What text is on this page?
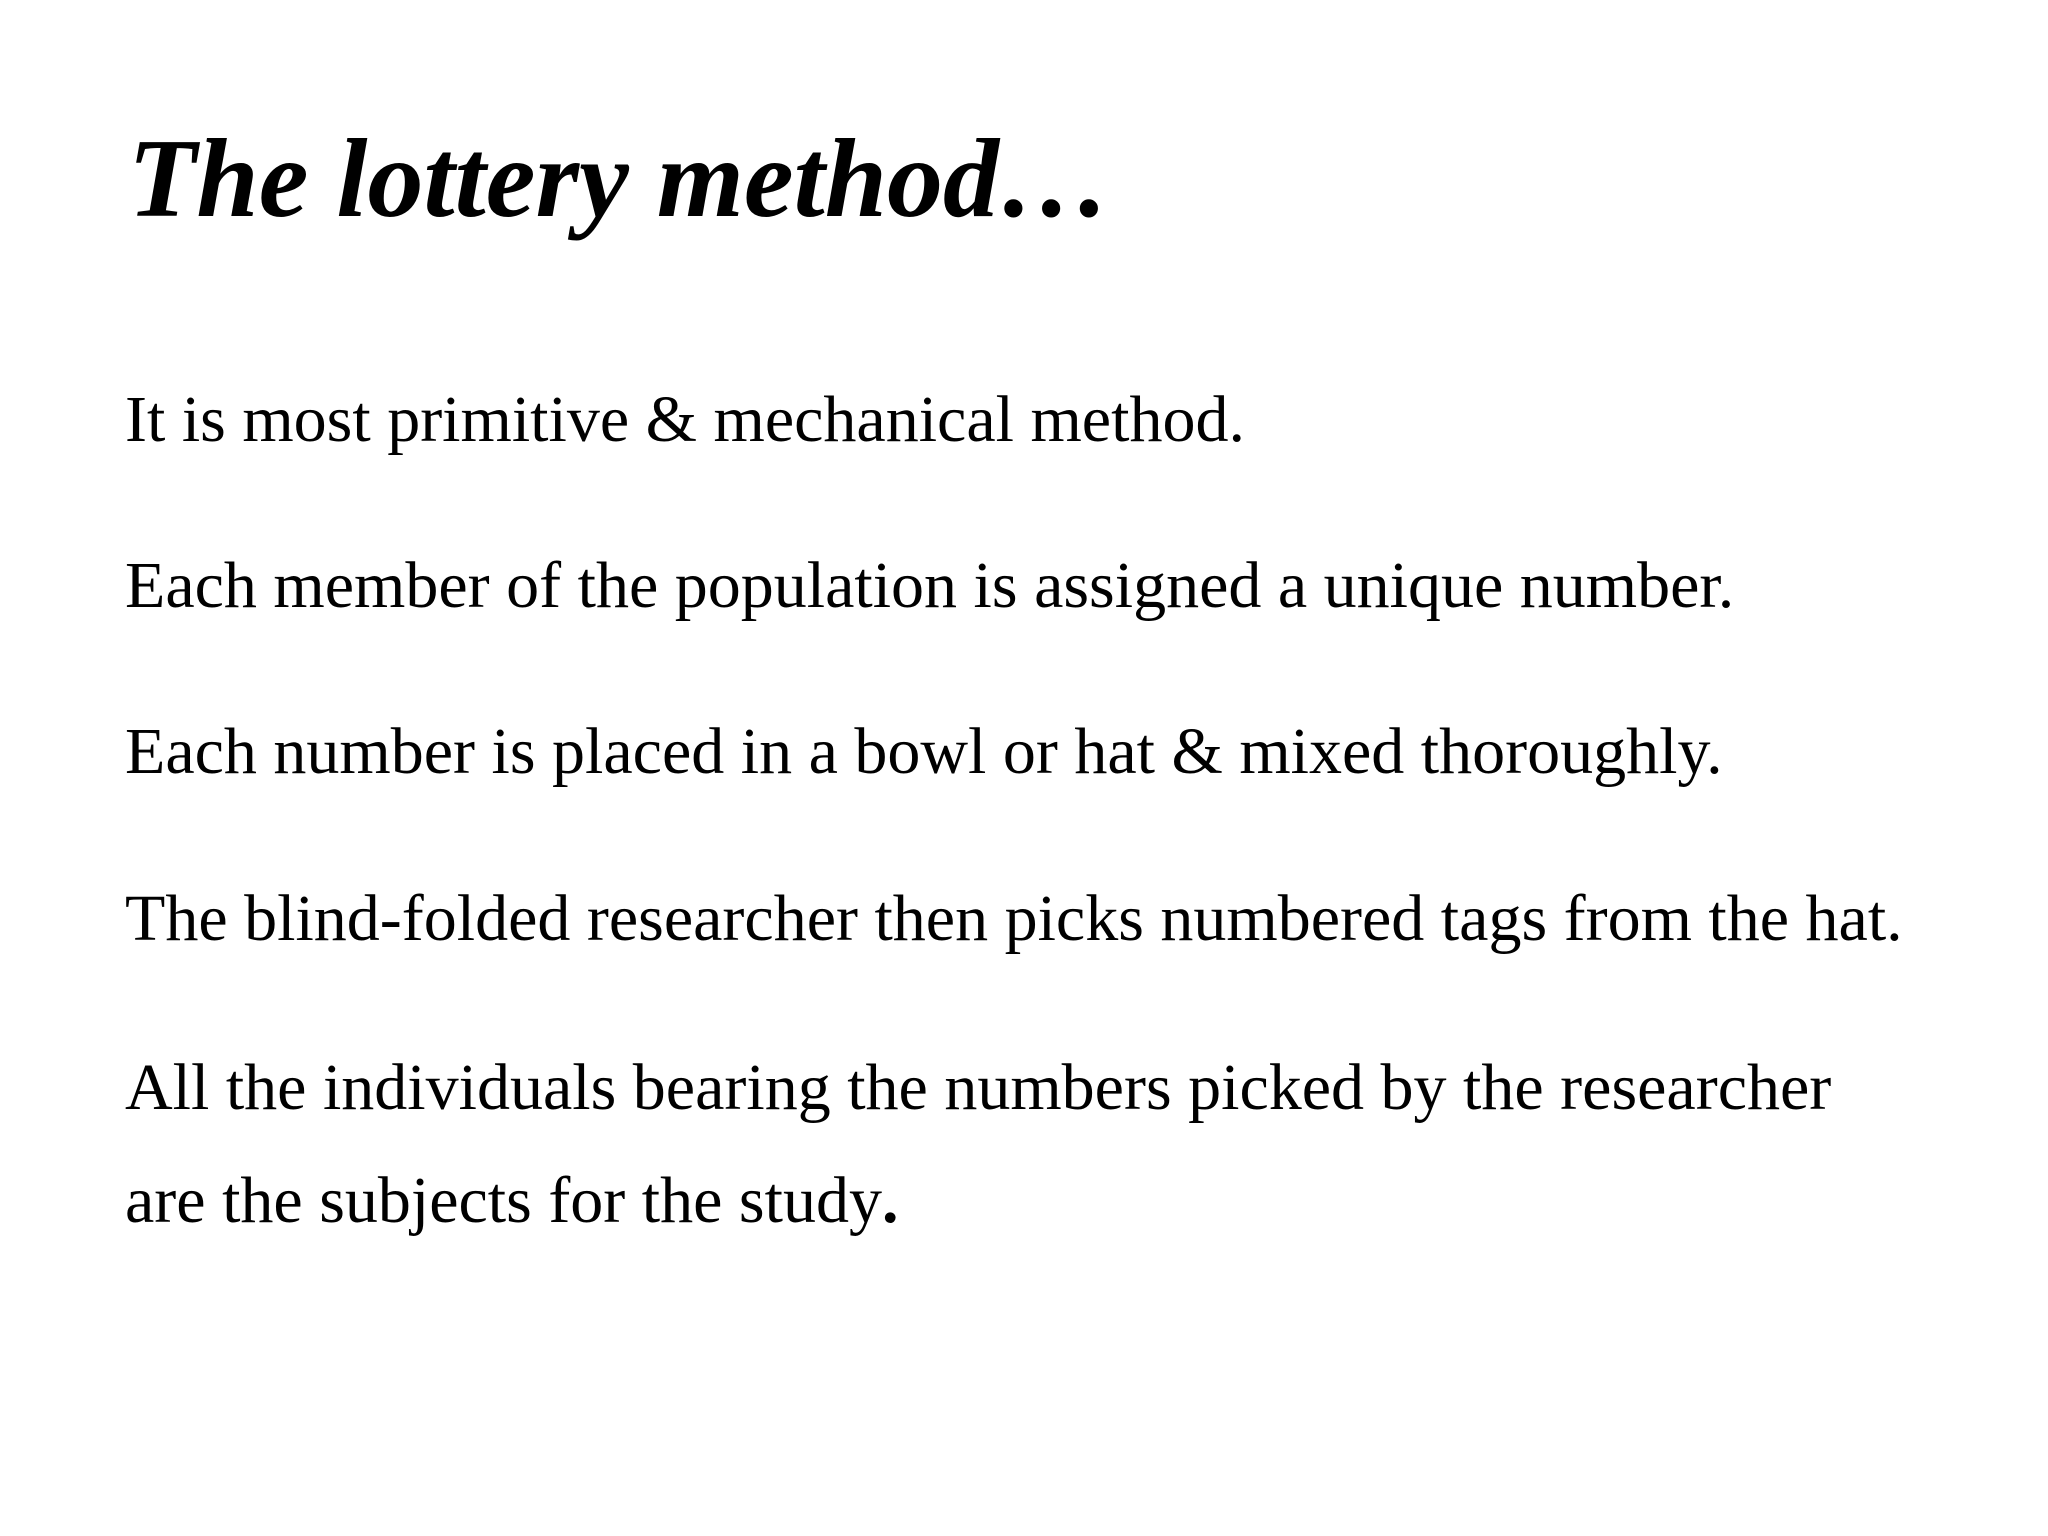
The lottery method…

It is most primitive & mechanical method.

Each member of the population is assigned a unique number.

Each number is placed in a bowl or hat & mixed thoroughly.

The blind-folded researcher then picks numbered tags from the hat.

All the individuals bearing the numbers picked by the researcher are the subjects for the study.
